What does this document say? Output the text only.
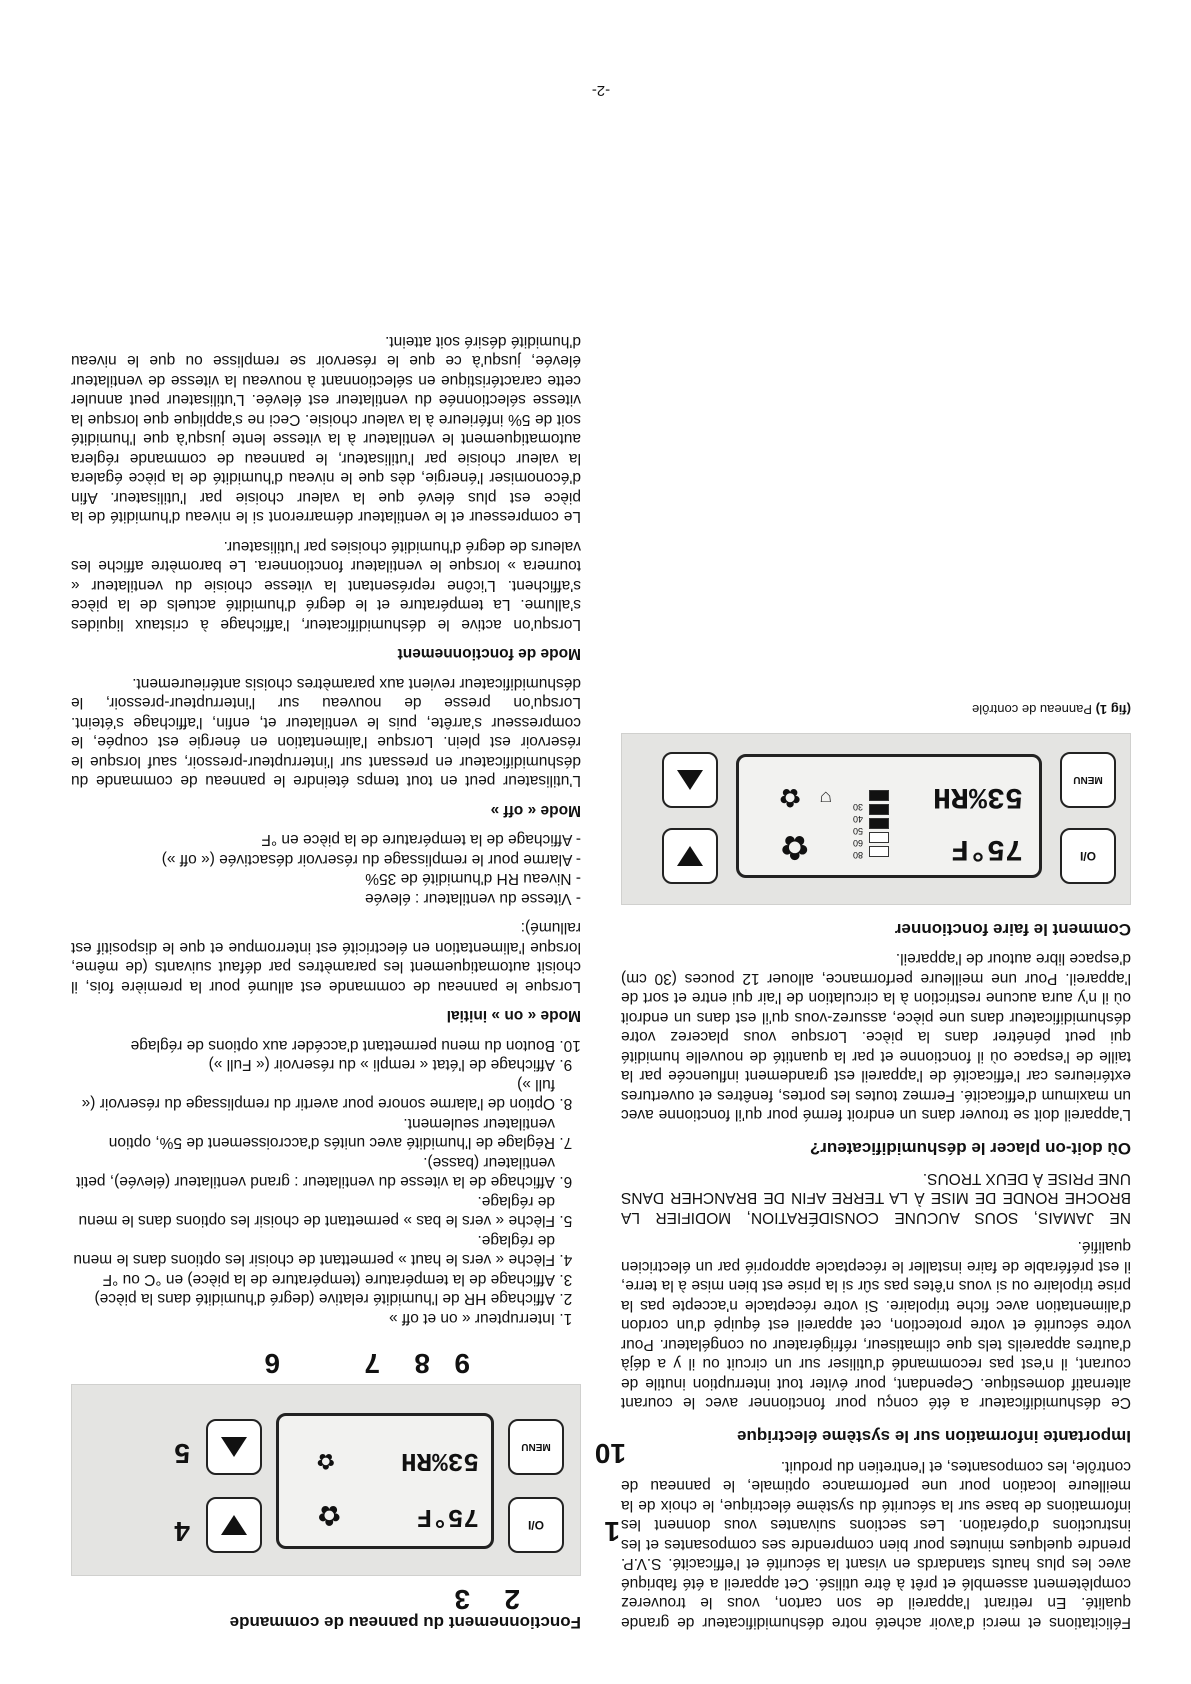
Félicitations et merci d'avoir acheté notre déshumidificateur de grande qualité. En retirant l'appareil de son carton, vous le trouverez complètement assemblé et prêt à être utilisé. Cet appareil a été fabriqué avec les plus hauts standards en visant la sécurité et l'efficacité. S.V.P. prendre quelques minutes pour bien comprendre ses composantes et les instructions d'opération. Les sections suivantes vous donnent les informations de base sur la sécurité du système électrique, le choix de la meilleure location pour une performance optimale, le panneau de contrôle, les composantes, et l'entretien du produit.

Importante information sur le système électrique

Ce déshumidificateur a été conçu pour fonctionner avec le courant alternatif domestique. Cependant, pour éviter tout interruption inutile de courant, il n'est pas recommandé d'utiliser sur un circuit ou il y a déjà d'autres appareils tels que climatiseur, réfrigérateur ou congélateur. Pour votre sécurité et votre protection, cet appareil est équipé d'un cordon d'alimentation avec fiche tripolaire. Si votre réceptacle n'accepte pas la prise tripolaire ou si vous n'êtes pas sûr si la prise est bien mise à la terre, il est préférable de faire installer le réceptacle approprié par un électricien qualifié.

NE JAMAIS, SOUS AUCUNE CONSIDÉRATION, MODIFIER LA BROCHE RONDE DE MISE À LA TERRE AFIN DE BRANCHER DANS UNE PRISE À DEUX TROUS.

Où doit-on placer le déshumidificateur?

L'appareil doit se trouver dans un endroit fermé pour qu'il fonctionne avec un maximum d'efficacité. Fermez toutes les portes, fenêtres et ouvertures extérieures car l'efficacité de l'appareil est grandement influencée par la taille de l'espace où il fonctionne et par la quantité de nouvelle humidité qui peut pénétrer dans la pièce. Lorsque vous placerez votre déshumidificateur dans une pièce, assurez-vous qu'il est dans un endroit où il n'y aura aucune restriction à la circulation de l'air qui entre et sort de l'appareil. Pour une meilleure performance, allouer 12 pouces (30 cm) d'espace libre autour de l'appareil.

Comment le faire fonctionner
O/I
MENU
75°F
53%RH
80
60
50
40
30
✿
✿ ⛉

(fig 1) Panneau de contrôle

Fonctionnement du panneau de commande
O/I
MENU
75°F
53%RH
✿
✿
1
2
3
4
5
6	7 8 9
10
1. Interrupteur « on et off »
2. Affichage HR de l'humidité relative (degré d'humidité dans la pièce)
3. Affichage de la température (température de la pièce) en °C ou °F
4. Flèche « vers le haut » permettant de choisir les options dans le menu de réglage.
5. Flèche « vers le bas » permettant de choisir les options dans le menu de réglage.
6. Affichage de la vitesse du ventilateur : grand ventilateur (élevée), petit ventilateur (basse).
7. Réglage de l'humidité avec unités d'accroissement de 5%, option ventilateur seulement.
8. Option de l'alarme sonore pour avertir du remplissage du réservoir (« full »)
9. Affichage de l'état « rempli » du réservoir (« Full »)
10. Bouton du menu permettant d'accéder aux options de réglage
Mode « on » initial

Lorsque le panneau de commande est allumé pour la première fois, il choisit automatiquement les paramètres par défaut suivants (de même, lorsque l'alimentation en électricité est interrompue et que le dispositif est rallumé):

- Vitesse du ventilateur : élevée
- Niveau RH d'humidité de 35%
- Alarme pour le remplissage du réservoir désactivée (« off »)
- Affichage de la température de la pièce en °F
Mode « off »

L'utilisateur peut en tout temps éteindre le panneau de commande du déshumidificateur en pressant sur l'interrupteur-pressoir, sauf lorsque le réservoir est plein. Lorsque l'alimentation en énergie est coupée, le compresseur s'arrête, puis le ventilateur et, enfin, l'affichage s'éteint. Lorsqu'on presse de nouveau sur l'interrupteur-pressoir, le déshumidificateur revient aux paramètres choisis antérieurement.

Mode de fonctionnement

Lorsqu'on active le déshumidificateur, l'affichage à cristaux liquides s'allume. La température et le degré d'humidité actuels de la pièce s'affichent. L'icône représentant la vitesse choisie du ventilateur « tournera » lorsque le ventilateur fonctionnera. Le baromètre affiche les valeurs de degré d'humidité choisies par l'utilisateur.

Le compresseur et le ventilateur démarreront si le niveau d'humidité de la pièce est plus élevé que la valeur choisie par l'utilisateur. Afin d'économiser l'énergie, dès que le niveau d'humidité de la pièce égalera la valeur choisie par l'utilisateur, le panneau de commande réglera automatiquement le ventilateur à la vitesse lente jusqu'à que l'humidité soit de 5% inférieure à la valeur choisie. Ceci ne s'applique que lorsque la vitesse sélectionnée du ventilateur est élevée. L'utilisateur peut annuler cette caractéristique en sélectionnant à nouveau la vitesse de ventilateur élevée, jusqu'à ce que le réservoir se remplisse ou que le niveau d'humidité désiré soit atteint.

-2-
